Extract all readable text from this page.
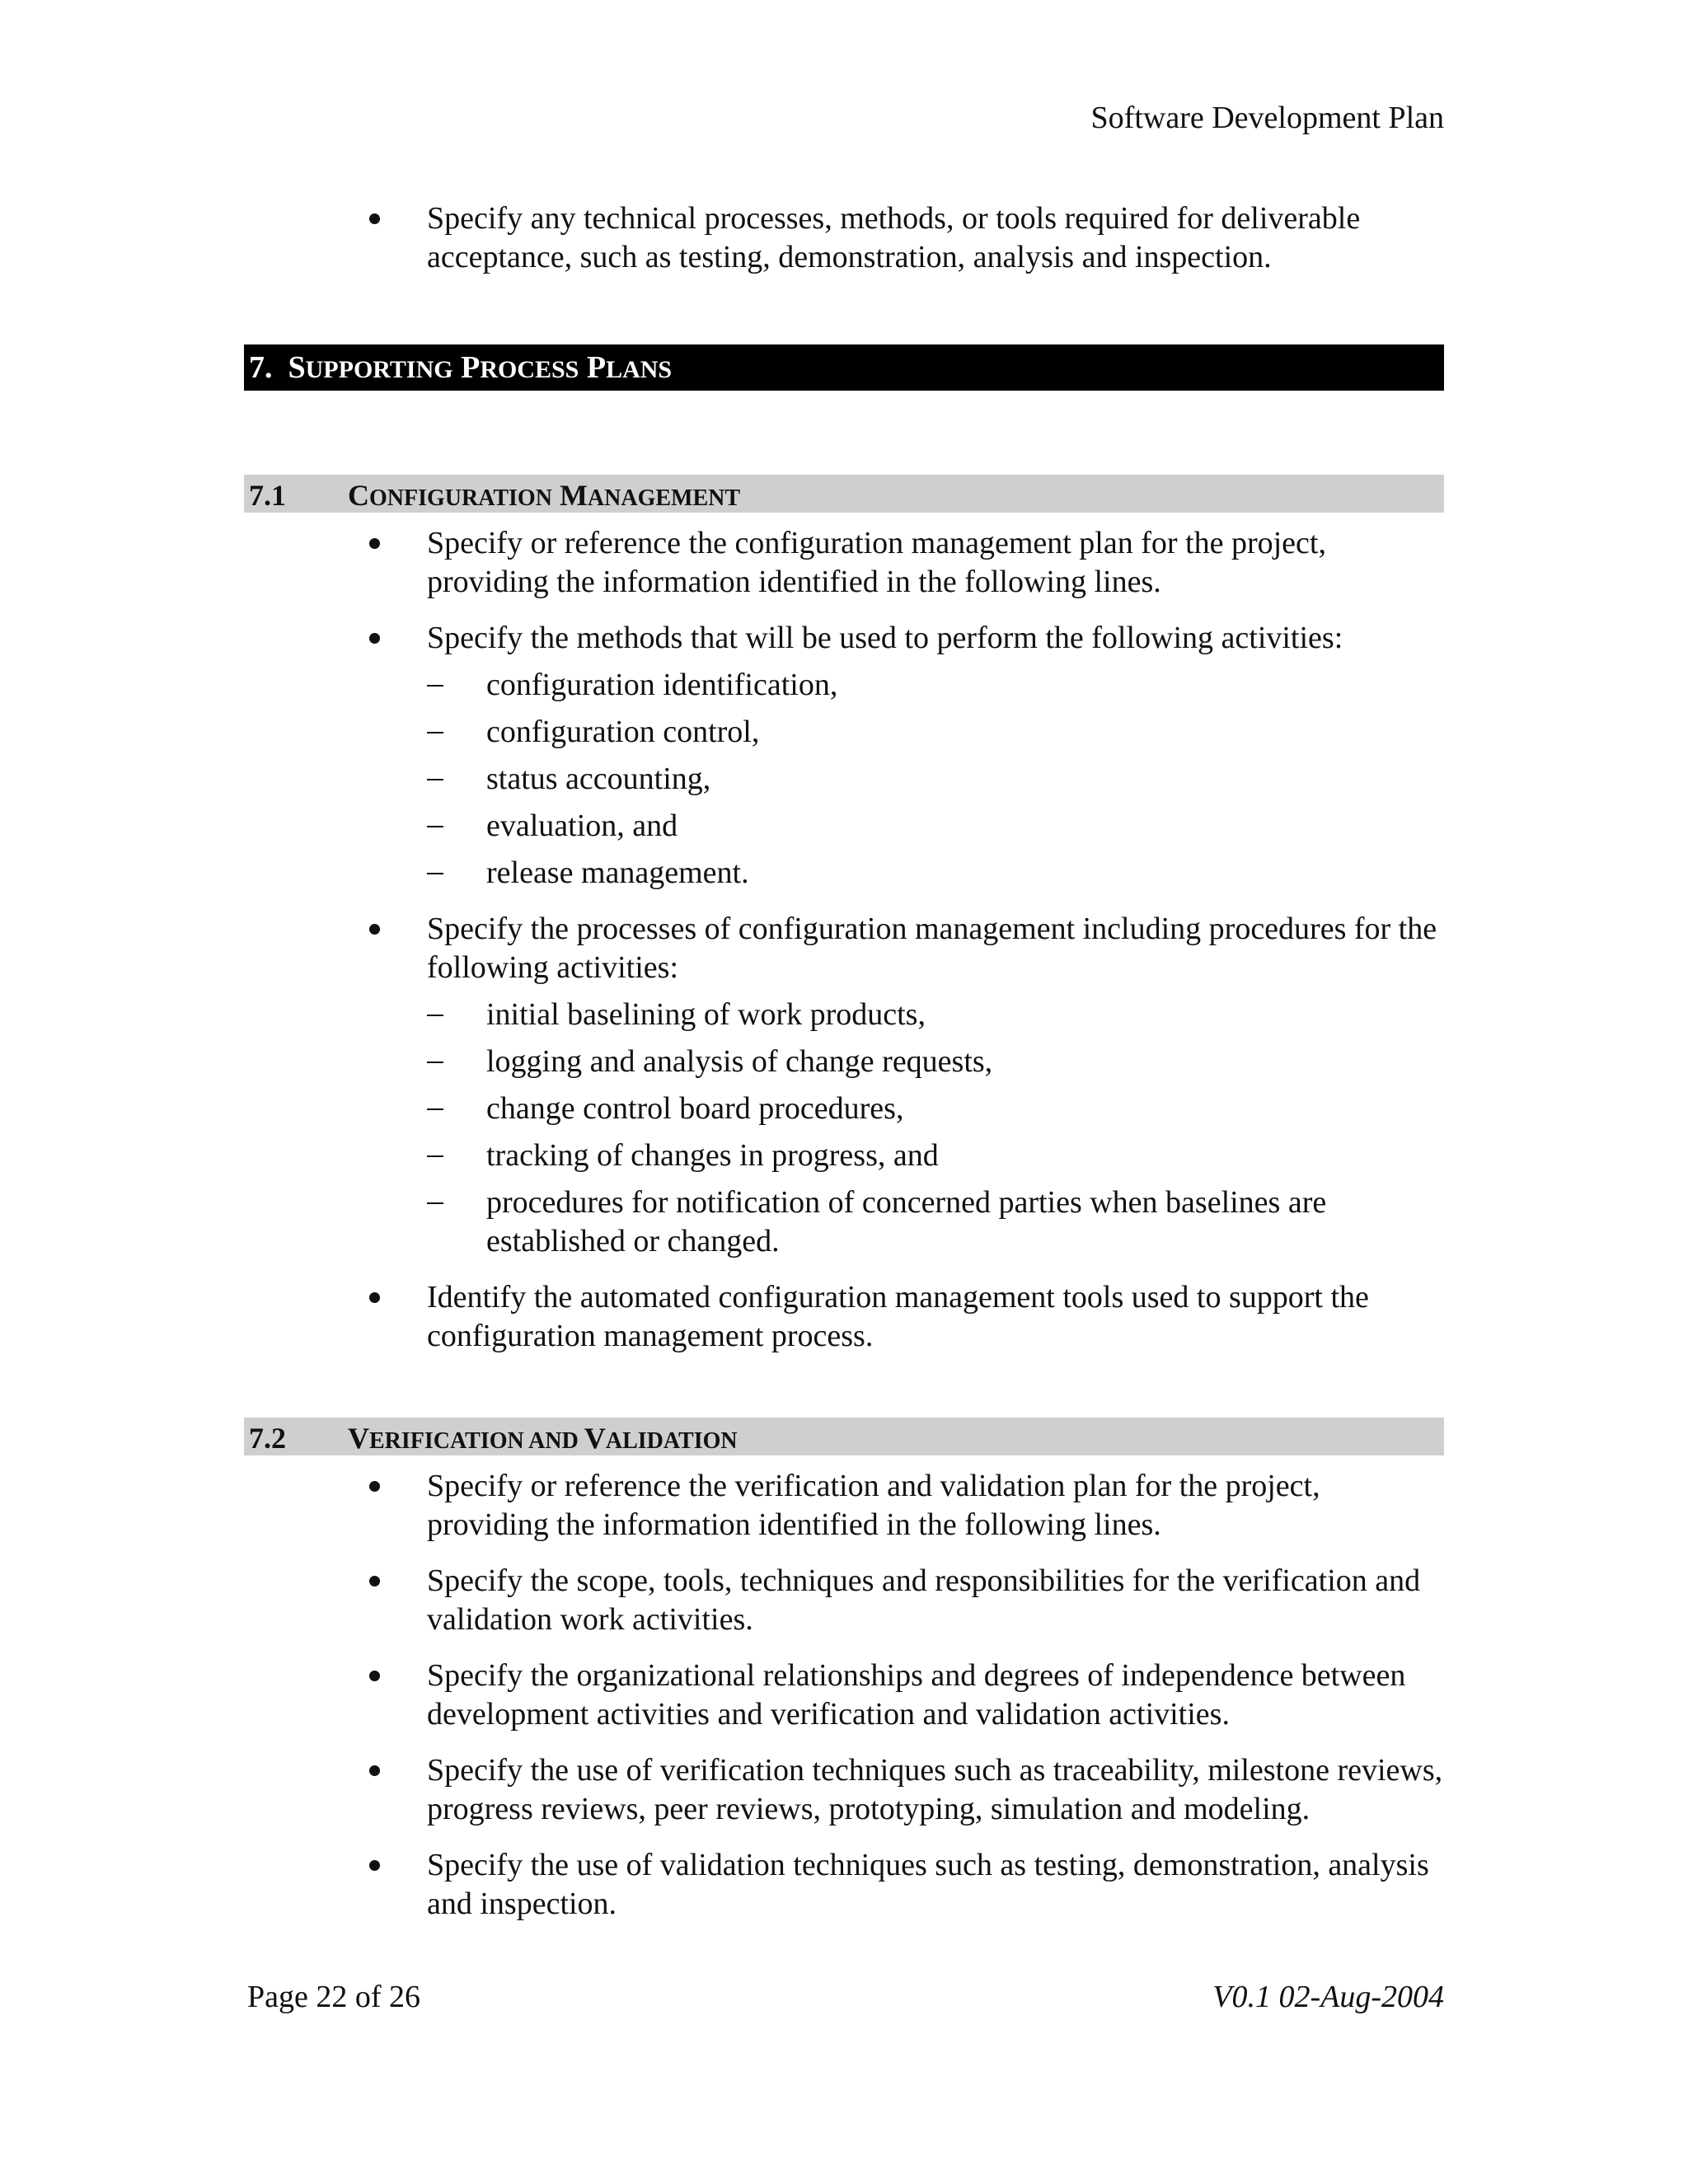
Software Development Plan
Specify any technical processes, methods, or tools required for deliverable acceptance, such as testing, demonstration, analysis and inspection.
7. SUPPORTING PROCESS PLANS
7.1 CONFIGURATION MANAGEMENT
Specify or reference the configuration management plan for the project, providing the information identified in the following lines.
Specify the methods that will be used to perform the following activities:
configuration identification,
configuration control,
status accounting,
evaluation, and
release management.
Specify the processes of configuration management including procedures for the following activities:
initial baselining of work products,
logging and analysis of change requests,
change control board procedures,
tracking of changes in progress, and
procedures for notification of concerned parties when baselines are established or changed.
Identify the automated configuration management tools used to support the configuration management process.
7.2 VERIFICATION AND VALIDATION
Specify or reference the verification and validation plan for the project, providing the information identified in the following lines.
Specify the scope, tools, techniques and responsibilities for the verification and validation work activities.
Specify the organizational relationships and degrees of independence between development activities and verification and validation activities.
Specify the use of verification techniques such as traceability, milestone reviews, progress reviews, peer reviews, prototyping, simulation and modeling.
Specify the use of validation techniques such as testing, demonstration, analysis and inspection.
Page 22 of 26	V0.1 02-Aug-2004
